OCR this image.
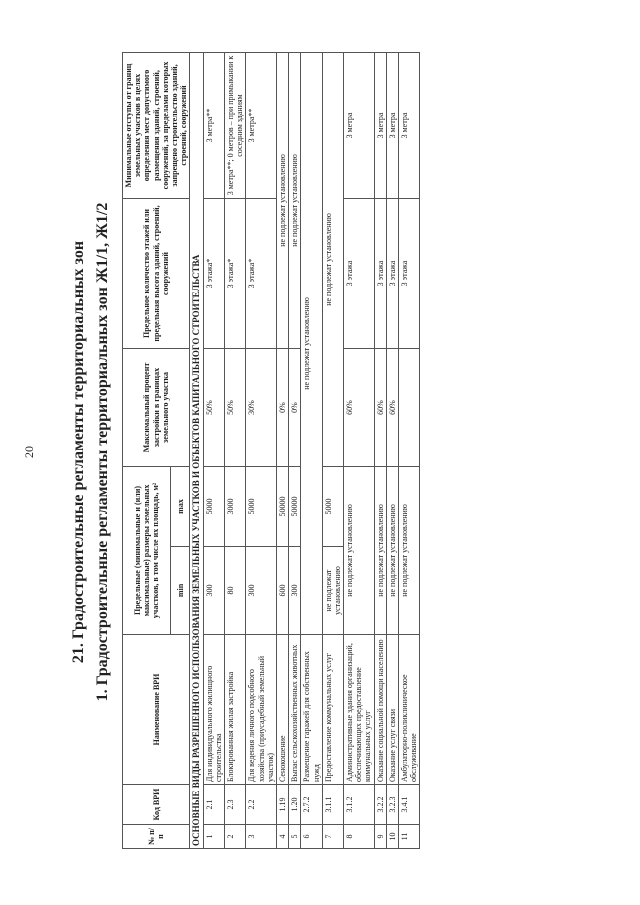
20 21. Градостроительные регламенты территориальных зон 1. Градостроительные регламенты территориальных зон Ж1/1, Ж1/2
№ п/п	Код ВРИ	Наименование ВРИ	Предельные (минимальные и (или) максимальные) размеры земельных участков, в том числе их площадь, м²		Максимальный процент застройки в границах земельного участка	Предельное количество этажей или предельная высота зданий, строений, сооружений	Минимальные отступы от границ земельных участков в целях определения мест допустимого размещения зданий, строений, сооружений, за пределами которых запрещено строительство зданий, строений, сооружений
			min	max			
ОСНОВНЫЕ ВИДЫ РАЗРЕШЕННОГО ИСПОЛЬЗОВАНИЯ ЗЕМЕЛЬНЫХ УЧАСТКОВ И ОБЪЕКТОВ КАПИТАЛЬНОГО СТРОИТЕЛЬСТВА							
1	2.1	Для индивидуального жилищного строительства	300	5000	50%	3 этажа*	3 метра**
2	2.3	Блокированная жилая застройка	80	3000	50%	3 этажа*	3 метра**; 0 метров – при примыкании к соседним зданиям
3	2.2	Для ведения личного подсобного хозяйства (приусадебный земельный участок)	300	5000	30%	3 этажа*	3 метра**
4	1.19	Сенокошение	600	50000	0%	не подлежат установлению	
5	1.20	Выпас сельскохозяйственных животных	300	50000	0%	не подлежат установлению	
6	2.7.2	Размещение гаражей для собственных нужд	не подлежат установлению				
7	3.1.1	Предоставление коммунальных услуг	не подлежат установлению	5000	не подлежат установлению		
8	3.1.2	Административные здания организаций, обеспечивающих предоставление коммунальных услуг	не подлежат установлению		60%	3 этажа	3 метра
9	3.2.2	Оказание социальной помощи населению	не подлежат установлению		60%	3 этажа	3 метра
10	3.2.3	Оказание услуг связи	не подлежат установлению		60%	3 этажа	3 метра
11	3.4.1	Амбулаторно-поликлиническое обслуживание	не подлежат установлению			3 этажа	3 метра
